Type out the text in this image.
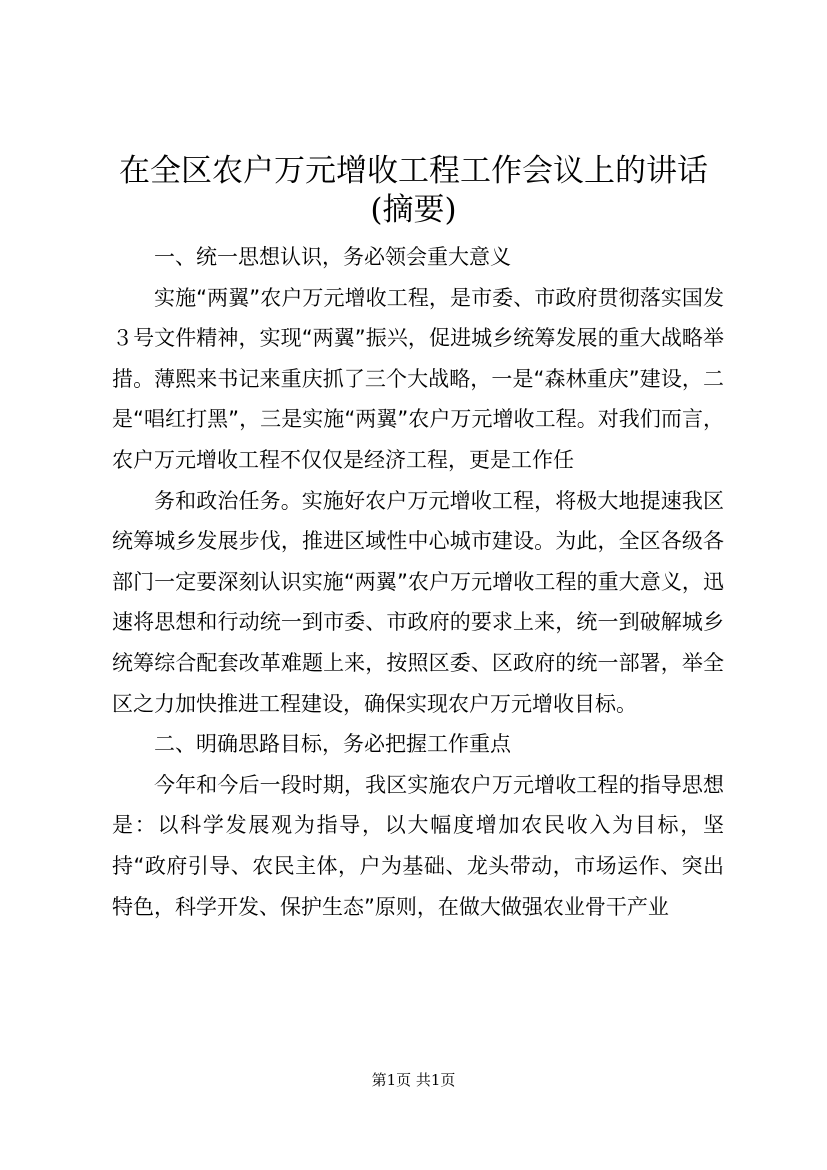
在全区农户万元增收工程工作会议上的讲话
(摘要)

一、统一思想认识，务必领会重大意义

实施“两翼”农户万元增收工程，是市委、市政府贯彻落实国发３号文件精神，实现“两翼”振兴，促进城乡统筹发展的重大战略举措。薄熙来书记来重庆抓了三个大战略，一是“森林重庆”建设，二是“唱红打黑”，三是实施“两翼”农户万元增收工程。对我们而言，农户万元增收工程不仅仅是经济工程，更是工作任

务和政治任务。实施好农户万元增收工程，将极大地提速我区统筹城乡发展步伐，推进区域性中心城市建设。为此，全区各级各部门一定要深刻认识实施“两翼”农户万元增收工程的重大意义，迅速将思想和行动统一到市委、市政府的要求上来，统一到破解城乡统筹综合配套改革难题上来，按照区委、区政府的统一部署，举全区之力加快推进工程建设，确保实现农户万元增收目标。

二、明确思路目标，务必把握工作重点

今年和今后一段时期，我区实施农户万元增收工程的指导思想是：以科学发展观为指导，以大幅度增加农民收入为目标，坚持“政府引导、农民主体，户为基础、龙头带动，市场运作、突出特色，科学开发、保护生态”原则，在做大做强农业骨干产业

第1页 共1页
